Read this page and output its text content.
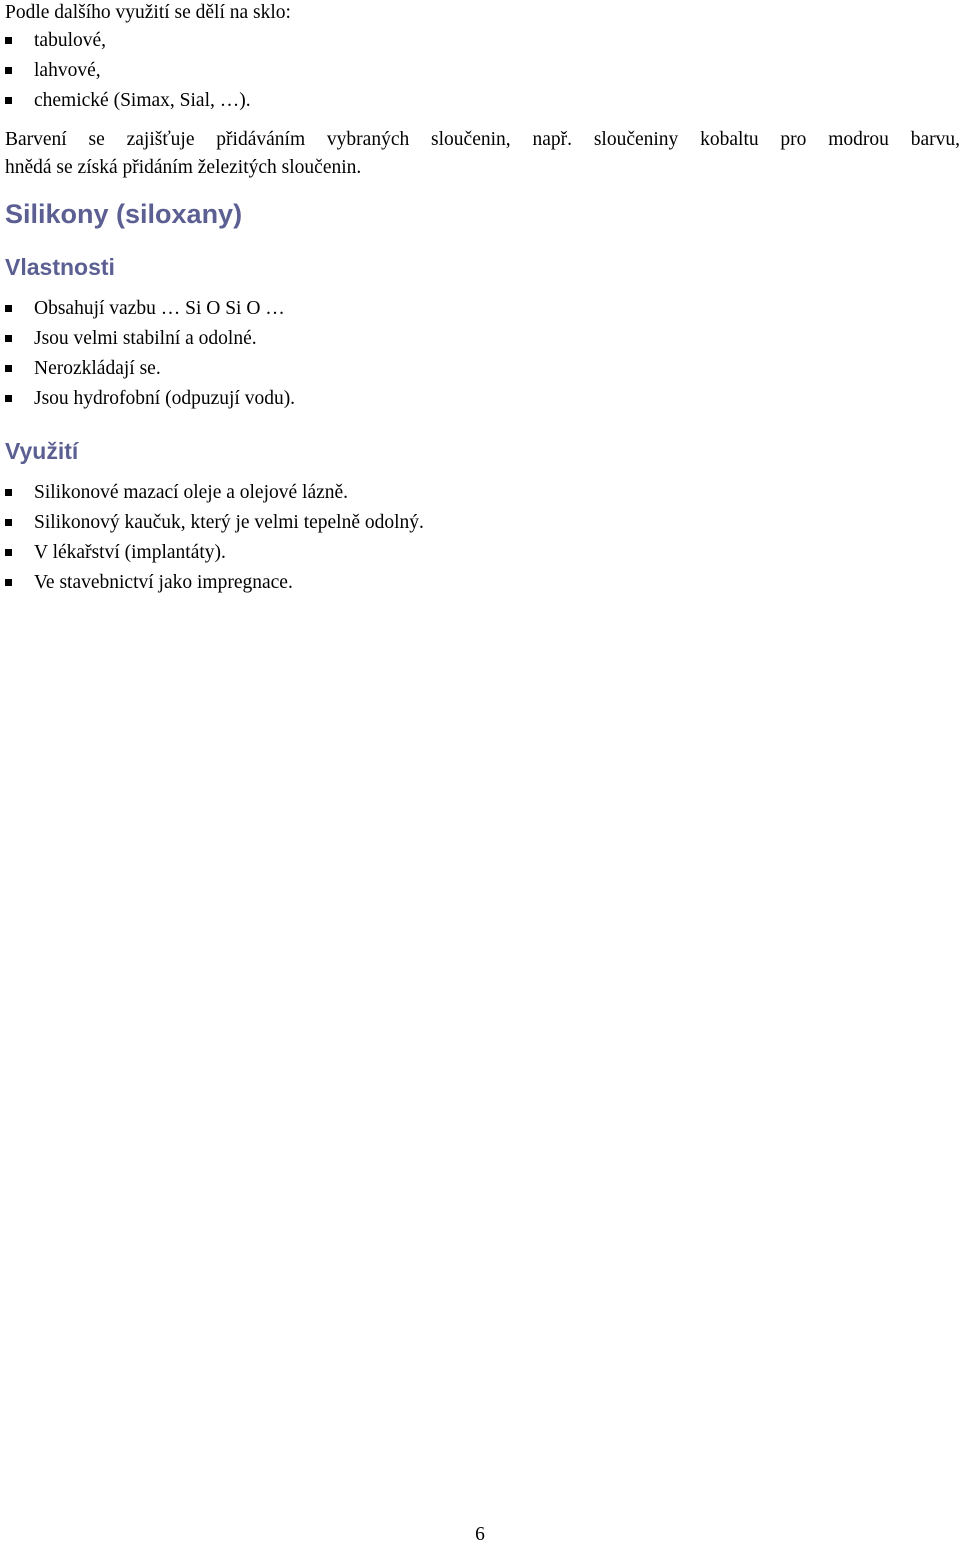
Podle dalšího využití se dělí na sklo:

tabulové,
lahvové,
chemické (Simax, Sial, …).

Barvení se zajišťuje přidáváním vybraných sloučenin, např. sloučeniny kobaltu pro modrou barvu,

hnědá se získá přidáním železitých sloučenin.

Silikony (siloxany)
Vlastnosti
Obsahují vazbu … Si O Si O …
Jsou velmi stabilní a odolné.
Nerozkládají se.
Jsou hydrofobní (odpuzují vodu).
Využití
Silikonové mazací oleje a olejové lázně.
Silikonový kaučuk, který je velmi tepelně odolný.
V lékařství (implantáty).
Ve stavebnictví jako impregnace.
6
